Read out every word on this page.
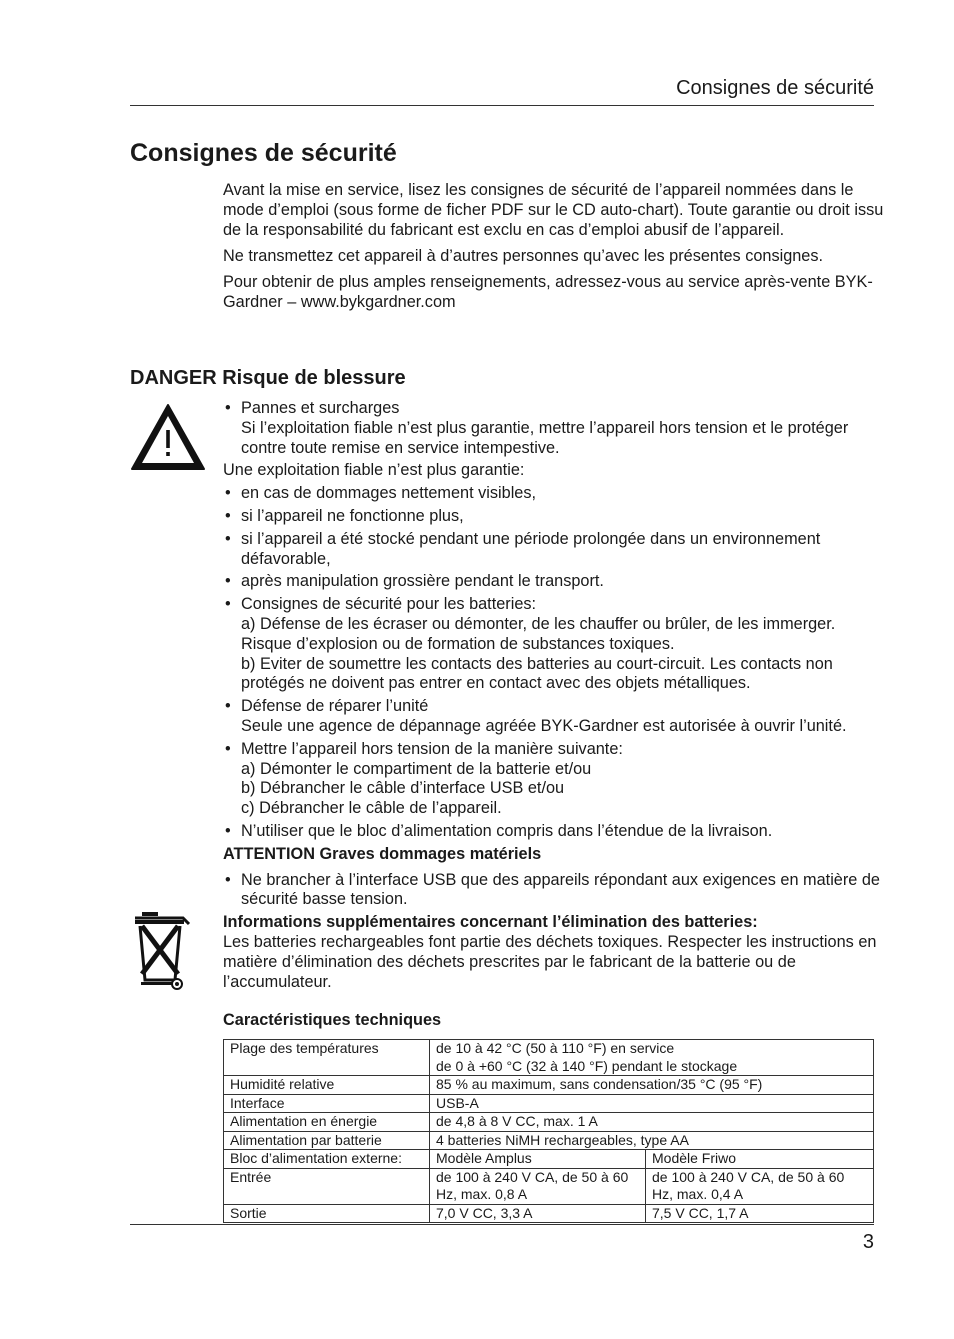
Consignes de sécurité
Consignes de sécurité

Avant la mise en service, lisez les consignes de sécurité de l’appareil nommées dans le mode d’emploi (sous forme de ficher PDF sur le CD auto-chart). Toute garantie ou droit issu de la responsabilité du fabricant est exclu en cas d’emploi abusif de l’appareil.

Ne transmettez cet appareil à d’autres personnes qu’avec les présentes consignes.

Pour obtenir de plus amples renseignements, adressez-vous au service après-vente BYK-Gardner – www.bykgardner.com

DANGER Risque de blessure
• Pannes et surcharges
Si l’exploitation fiable n’est plus garantie, mettre l’appareil hors tension et le protéger contre toute remise en service intempestive.

Une exploitation fiable n’est plus garantie:

• en cas de dommages nettement visibles,
• si l’appareil ne fonctionne plus,
• si l’appareil a été stocké pendant une période prolongée dans un environnement défavorable,
• après manipulation grossière pendant le transport.
• Consignes de sécurité pour les batteries:
a) Défense de les écraser ou démonter, de les chauffer ou brûler, de les immerger. Risque d’explosion ou de formation de substances toxiques.
b) Eviter de soumettre les contacts des batteries au court-circuit. Les contacts non protégés ne doivent pas entrer en contact avec des objets métalliques.
• Défense de réparer l’unité
Seule une agence de dépannage agréée BYK-Gardner est autorisée à ouvrir l’unité.
• Mettre l’appareil hors tension de la manière suivante:
a) Démonter le compartiment de la batterie et/ou
b) Débrancher le câble d’interface USB et/ou
c) Débrancher le câble de l’appareil.
• N’utiliser que le bloc d’alimentation compris dans l’étendue de la livraison.

ATTENTION Graves dommages matériels

• Ne brancher à l’interface USB que des appareils répondant aux exigences en matière de sécurité basse tension.

Informations supplémentaires concernant l’élimination des batteries:
Les batteries rechargeables font partie des déchets toxiques. Respecter les instructions en matière d’élimination des déchets prescrites par le fabricant de la batterie ou de l’accumulateur.

Caractéristiques techniques

Plage des températures	de 10 à 42 °C (50 à 110 °F) en service
de 0 à +60 °C (32 à 140 °F) pendant le stockage	

Humidité relative	85 % au maximum, sans condensation/35 °C (95 °F)	
Interface	USB-A	
Alimentation en énergie	de 4,8 à 8 V CC, max. 1 A	
Alimentation par batterie	4 batteries NiMH rechargeables, type AA	
Bloc d’alimentation externe:	Modèle Amplus	Modèle Friwo
Entrée	de 100 à 240 V CA, de 50 à 60 Hz, max. 0,8 A	de 100 à 240 V CA, de 50 à 60 Hz, max. 0,4 A
Sortie	7,0 V CC, 3,3 A	7,5 V CC, 1,7 A
3
